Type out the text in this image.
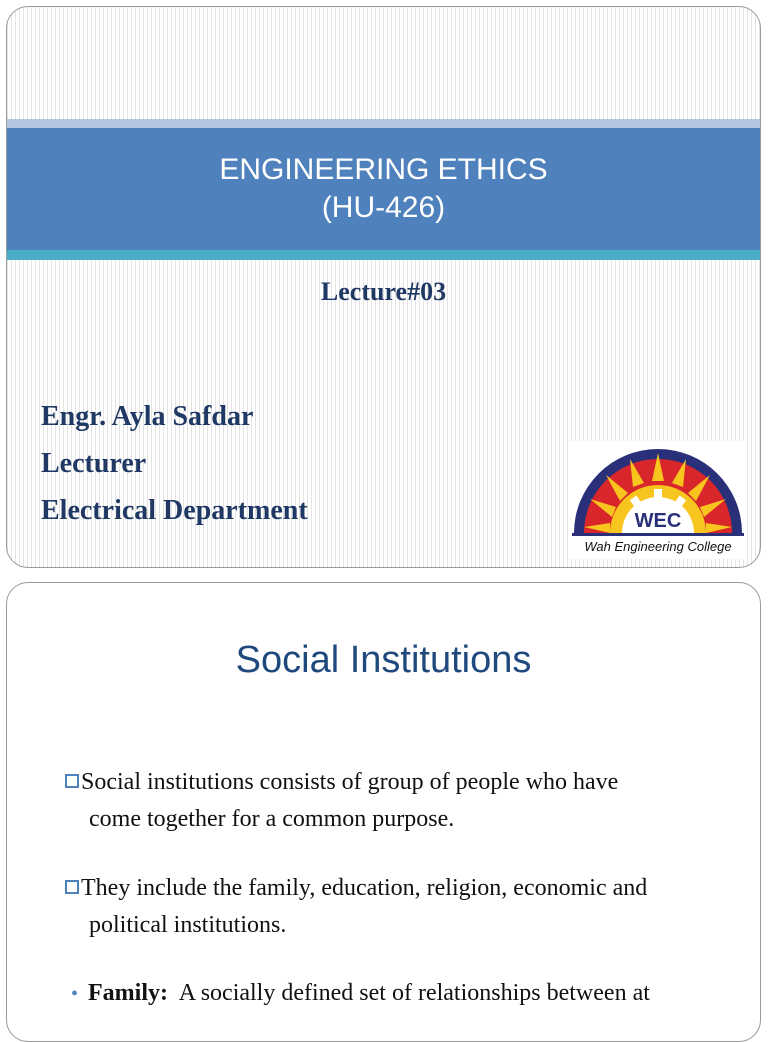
ENGINEERING ETHICS
(HU-426)
Lecture#03
Engr. Ayla Safdar
Lecturer
Electrical Department	WEC
Wah Engineering College
Social Institutions
Social institutions consists of group of people who have
come together for a common purpose.
They include the family, education, religion, economic and
political institutions.
• Family: A socially defined set of relationships between at
